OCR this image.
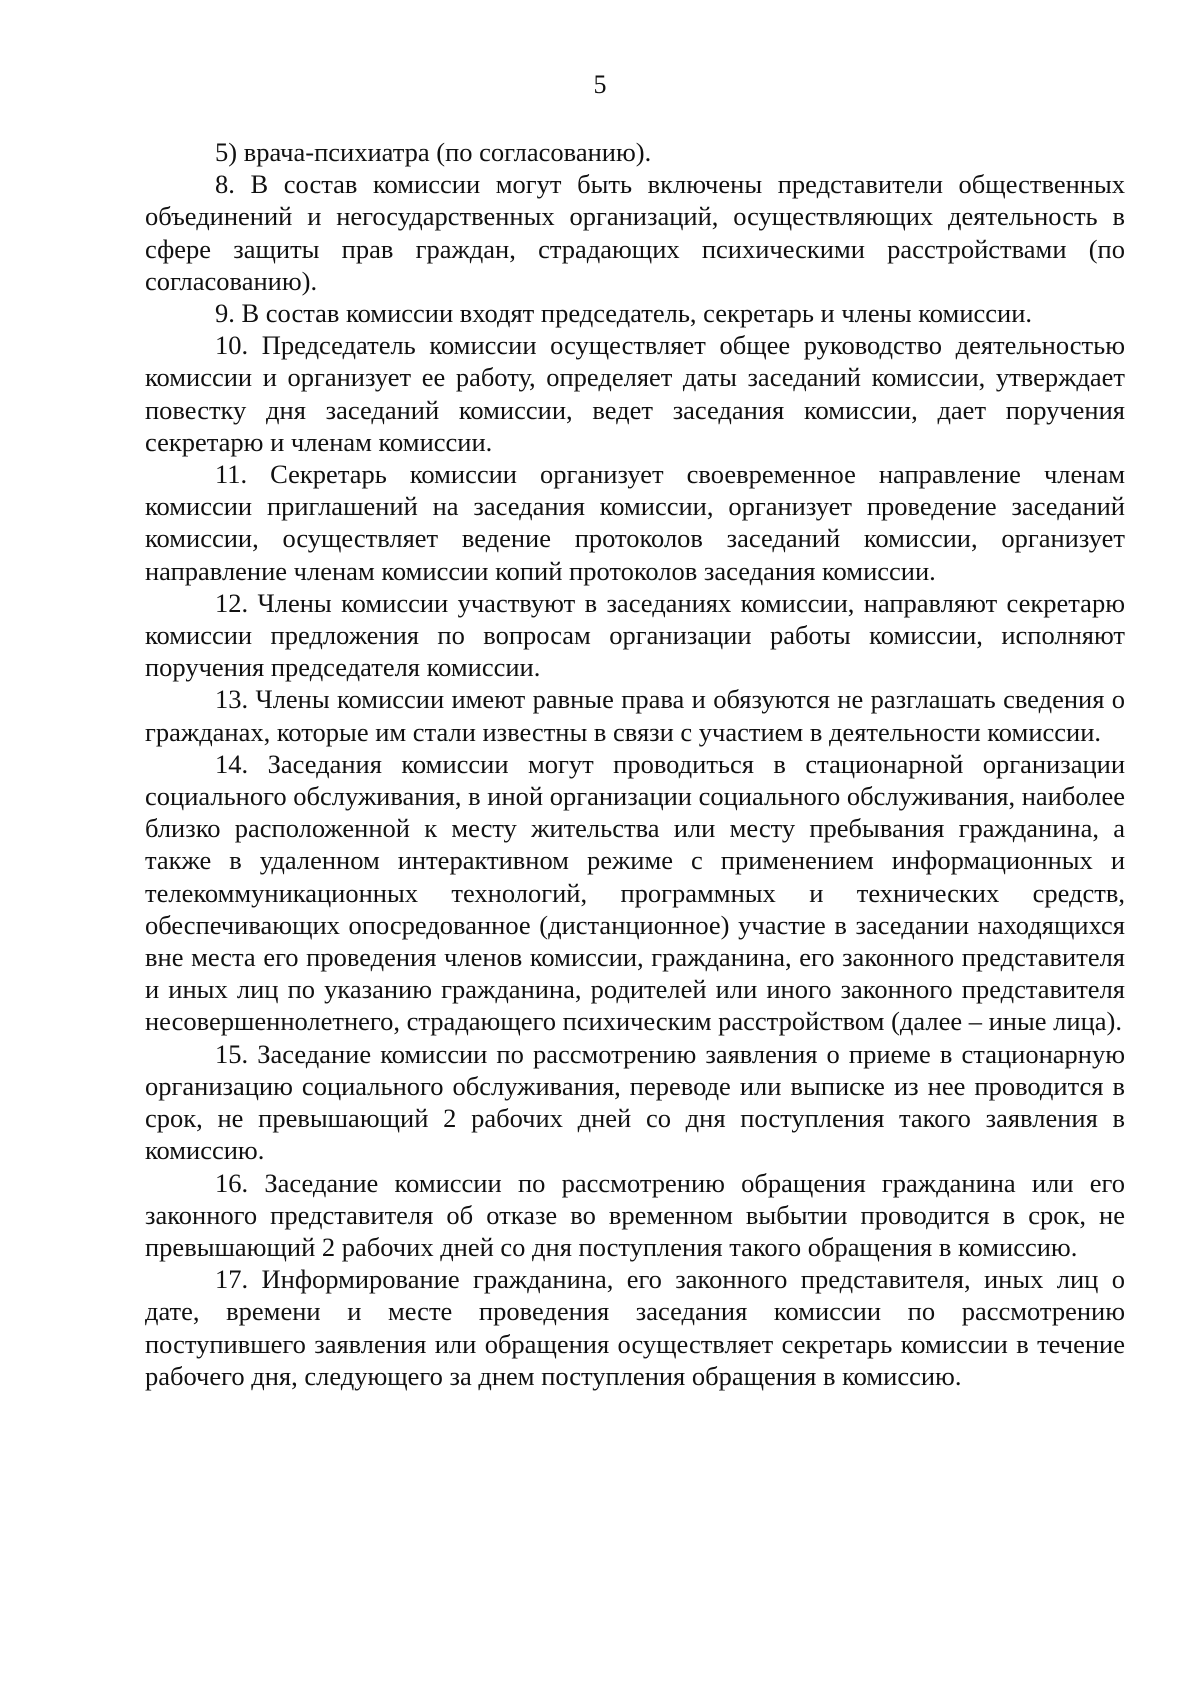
5

5) врача-психиатра (по согласованию).

8. В состав комиссии могут быть включены представители общественных объединений и негосударственных организаций, осуществляющих деятельность в сфере защиты прав граждан, страдающих психическими расстройствами (по согласованию).

9. В состав комиссии входят председатель, секретарь и члены комиссии.

10. Председатель комиссии осуществляет общее руководство деятельностью комиссии и организует ее работу, определяет даты заседаний комиссии, утверждает повестку дня заседаний комиссии, ведет заседания комиссии, дает поручения секретарю и членам комиссии.

11. Секретарь комиссии организует своевременное направление членам комиссии приглашений на заседания комиссии, организует проведение заседаний комиссии, осуществляет ведение протоколов заседаний комиссии, организует направление членам комиссии копий протоколов заседания комиссии.

12. Члены комиссии участвуют в заседаниях комиссии, направляют секретарю комиссии предложения по вопросам организации работы комиссии, исполняют поручения председателя комиссии.

13. Члены комиссии имеют равные права и обязуются не разглашать сведения о гражданах, которые им стали известны в связи с участием в деятельности комиссии.

14. Заседания комиссии могут проводиться в стационарной организации социального обслуживания, в иной организации социального обслуживания, наиболее близко расположенной к месту жительства или месту пребывания гражданина, а также в удаленном интерактивном режиме с применением информационных и телекоммуникационных технологий, программных и технических средств, обеспечивающих опосредованное (дистанционное) участие в заседании находящихся вне места его проведения членов комиссии, гражданина, его законного представителя и иных лиц по указанию гражданина, родителей или иного законного представителя несовершеннолетнего, страдающего психическим расстройством (далее – иные лица).

15. Заседание комиссии по рассмотрению заявления о приеме в стационарную организацию социального обслуживания, переводе или выписке из нее проводится в срок, не превышающий 2 рабочих дней со дня поступления такого заявления в комиссию.

16. Заседание комиссии по рассмотрению обращения гражданина или его законного представителя об отказе во временном выбытии проводится в срок, не превышающий 2 рабочих дней со дня поступления такого обращения в комиссию.

17. Информирование гражданина, его законного представителя, иных лиц о дате, времени и месте проведения заседания комиссии по рассмотрению поступившего заявления или обращения осуществляет секретарь комиссии в течение рабочего дня, следующего за днем поступления обращения в комиссию.
